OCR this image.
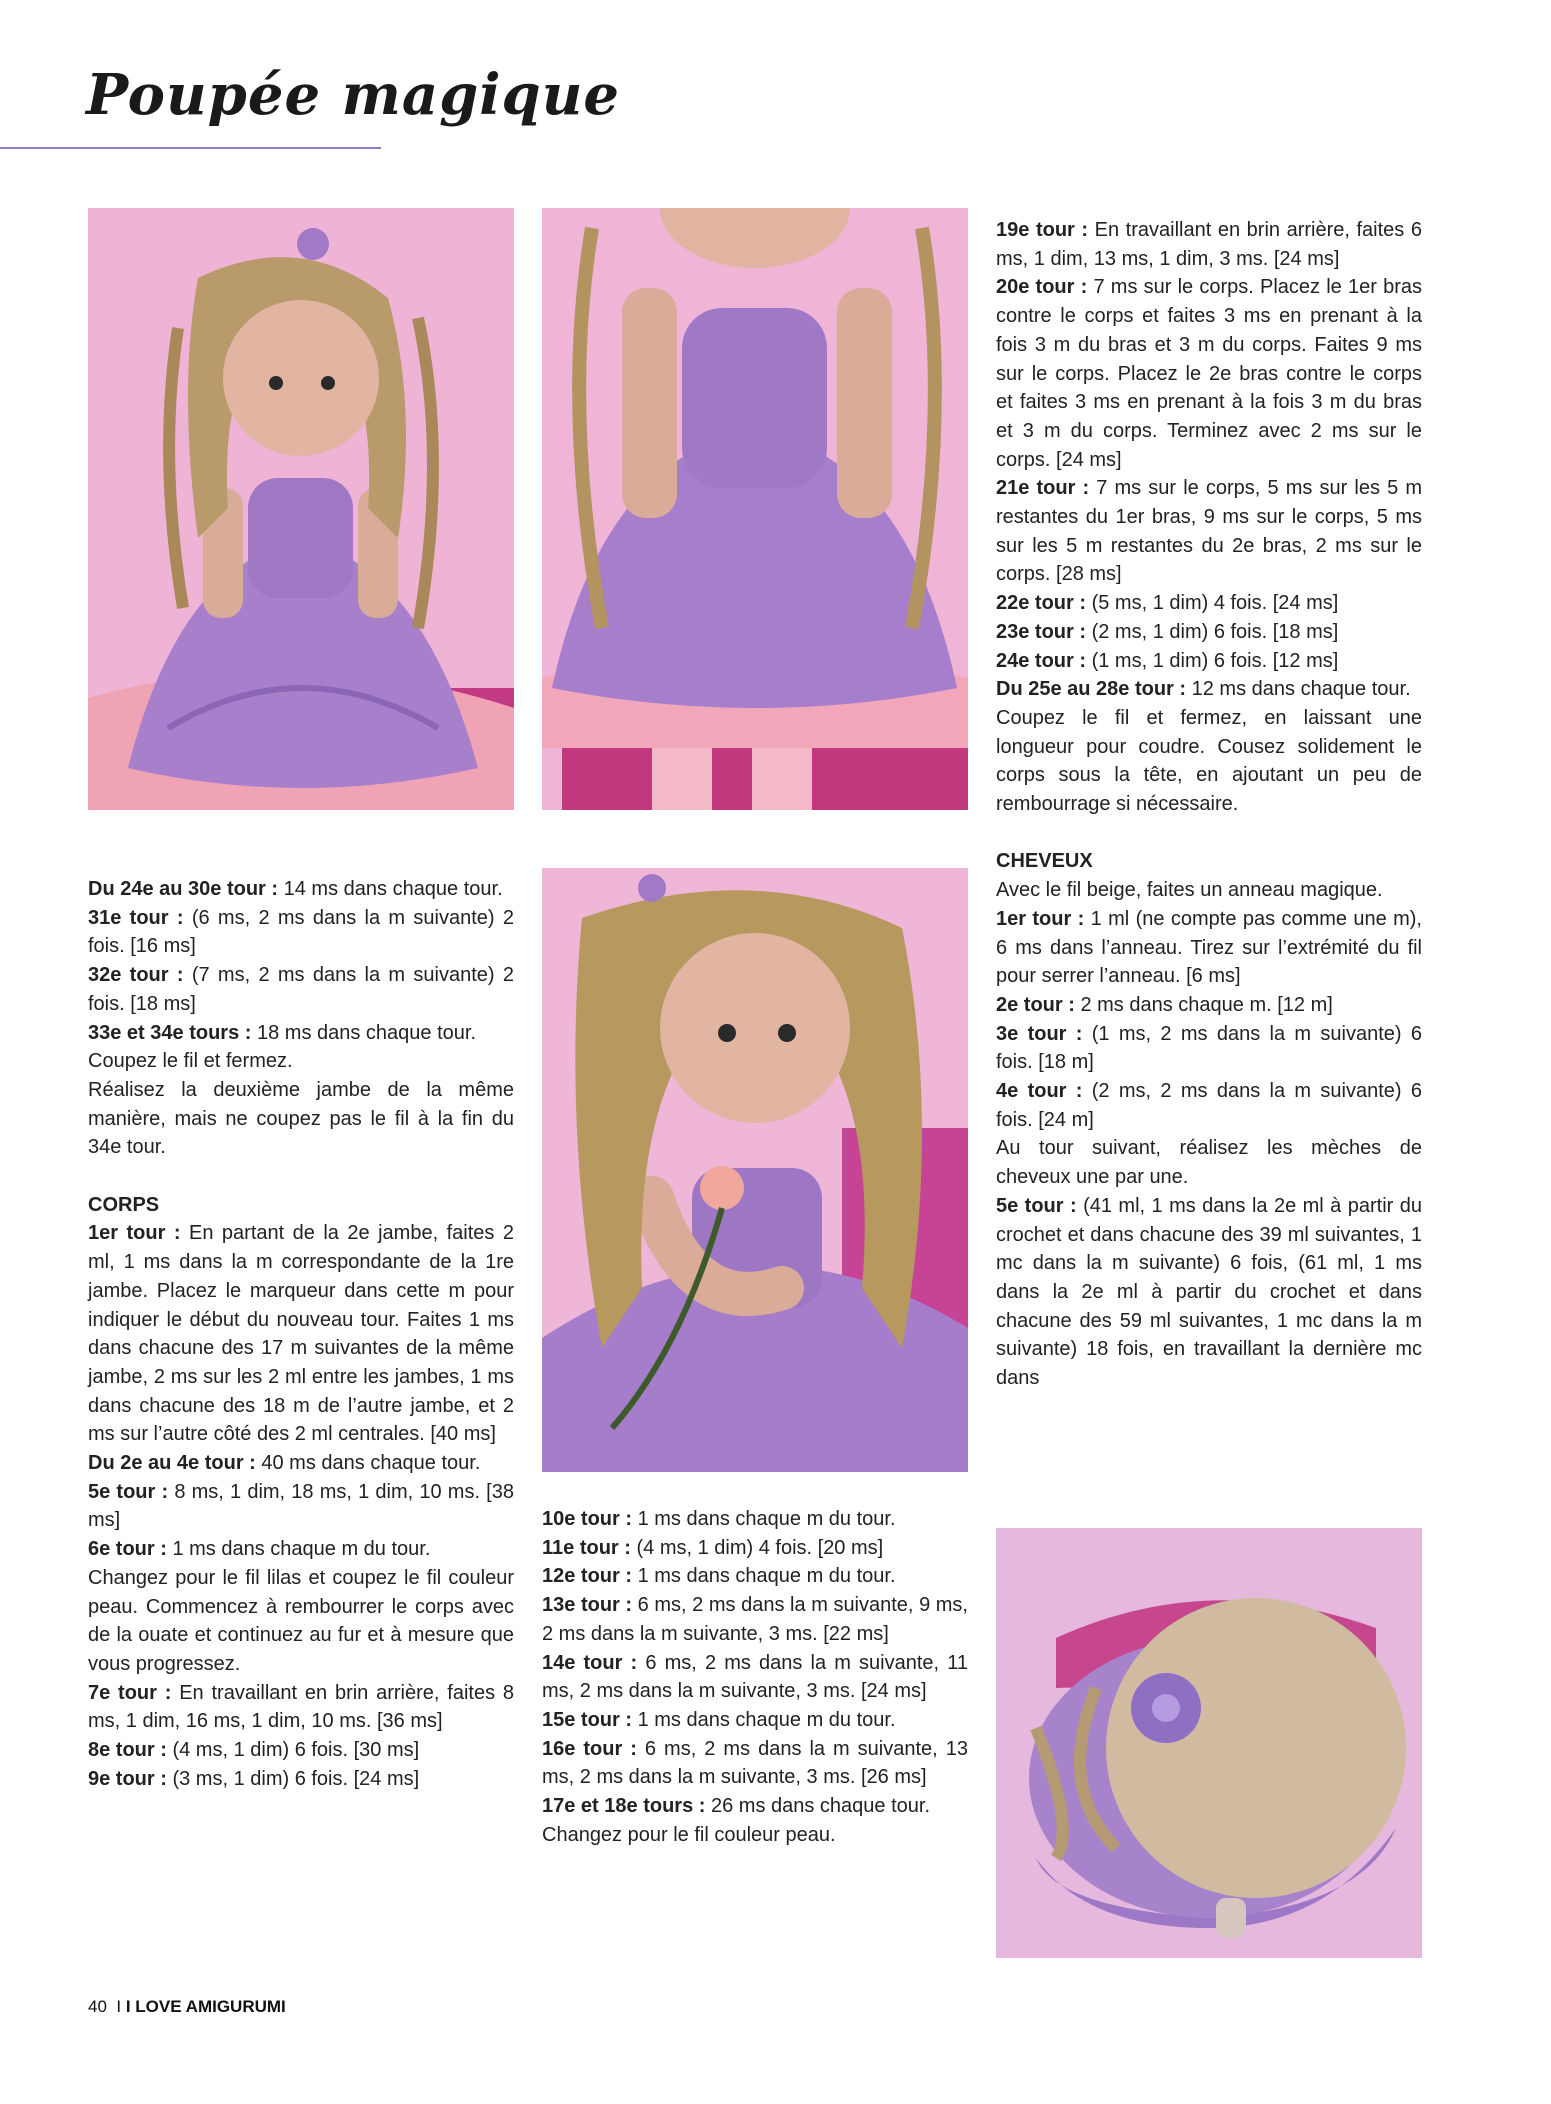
Poupée magique

Du 24e au 30e tour : 14 ms dans chaque tour.

31e tour : (6 ms, 2 ms dans la m suivante) 2 fois. [16 ms]

32e tour : (7 ms, 2 ms dans la m suivante) 2 fois. [18 ms]

33e et 34e tours : 18 ms dans chaque tour.

Coupez le fil et fermez.

Réalisez la deuxième jambe de la même manière, mais ne coupez pas le fil à la fin du 34e tour.

CORPS

1er tour : En partant de la 2e jambe, faites 2 ml, 1 ms dans la m correspondante de la 1re jambe. Placez le marqueur dans cette m pour indiquer le début du nouveau tour. Faites 1 ms dans chacune des 17 m suivantes de la même jambe, 2 ms sur les 2 ml entre les jambes, 1 ms dans chacune des 18 m de l’autre jambe, et 2 ms sur l’autre côté des 2 ml centrales. [40 ms]

Du 2e au 4e tour : 40 ms dans chaque tour.

5e tour : 8 ms, 1 dim, 18 ms, 1 dim, 10 ms. [38 ms]

6e tour : 1 ms dans chaque m du tour.

Changez pour le fil lilas et coupez le fil couleur peau. Commencez à rembourrer le corps avec de la ouate et continuez au fur et à mesure que vous progressez.

7e tour : En travaillant en brin arrière, faites 8 ms, 1 dim, 16 ms, 1 dim, 10 ms. [36 ms]

8e tour : (4 ms, 1 dim) 6 fois. [30 ms]

9e tour : (3 ms, 1 dim) 6 fois. [24 ms]

10e tour : 1 ms dans chaque m du tour.

11e tour : (4 ms, 1 dim) 4 fois. [20 ms]

12e tour : 1 ms dans chaque m du tour.

13e tour : 6 ms, 2 ms dans la m suivante, 9 ms, 2 ms dans la m suivante, 3 ms. [22 ms]

14e tour : 6 ms, 2 ms dans la m suivante, 11 ms, 2 ms dans la m suivante, 3 ms. [24 ms]

15e tour : 1 ms dans chaque m du tour.

16e tour : 6 ms, 2 ms dans la m suivante, 13 ms, 2 ms dans la m suivante, 3 ms. [26 ms]

17e et 18e tours : 26 ms dans chaque tour.

Changez pour le fil couleur peau.

19e tour : En travaillant en brin arrière, faites 6 ms, 1 dim, 13 ms, 1 dim, 3 ms. [24 ms]

20e tour : 7 ms sur le corps. Placez le 1er bras contre le corps et faites 3 ms en prenant à la fois 3 m du bras et 3 m du corps. Faites 9 ms sur le corps. Placez le 2e bras contre le corps et faites 3 ms en prenant à la fois 3 m du bras et 3 m du corps. Terminez avec 2 ms sur le corps. [24 ms]

21e tour : 7 ms sur le corps, 5 ms sur les 5 m restantes du 1er bras, 9 ms sur le corps, 5 ms sur les 5 m restantes du 2e bras, 2 ms sur le corps. [28 ms]

22e tour : (5 ms, 1 dim) 4 fois. [24 ms]

23e tour : (2 ms, 1 dim) 6 fois. [18 ms]

24e tour : (1 ms, 1 dim) 6 fois. [12 ms]

Du 25e au 28e tour : 12 ms dans chaque tour.

Coupez le fil et fermez, en laissant une longueur pour coudre. Cousez solidement le corps sous la tête, en ajoutant un peu de rembourrage si nécessaire.

CHEVEUX

Avec le fil beige, faites un anneau magique.

1er tour : 1 ml (ne compte pas comme une m), 6 ms dans l’anneau. Tirez sur l’extrémité du fil pour serrer l’anneau. [6 ms]

2e tour : 2 ms dans chaque m. [12 m]

3e tour : (1 ms, 2 ms dans la m suivante) 6 fois. [18 m]

4e tour : (2 ms, 2 ms dans la m suivante) 6 fois. [24 m]

Au tour suivant, réalisez les mèches de cheveux une par une.

5e tour : (41 ml, 1 ms dans la 2e ml à partir du crochet et dans chacune des 39 ml suivantes, 1 mc dans la m suivante) 6 fois, (61 ml, 1 ms dans la 2e ml à partir du crochet et dans chacune des 59 ml suivantes, 1 mc dans la m suivante) 18 fois, en travaillant la dernière mc dans

40 I I LOVE AMIGURUMI
